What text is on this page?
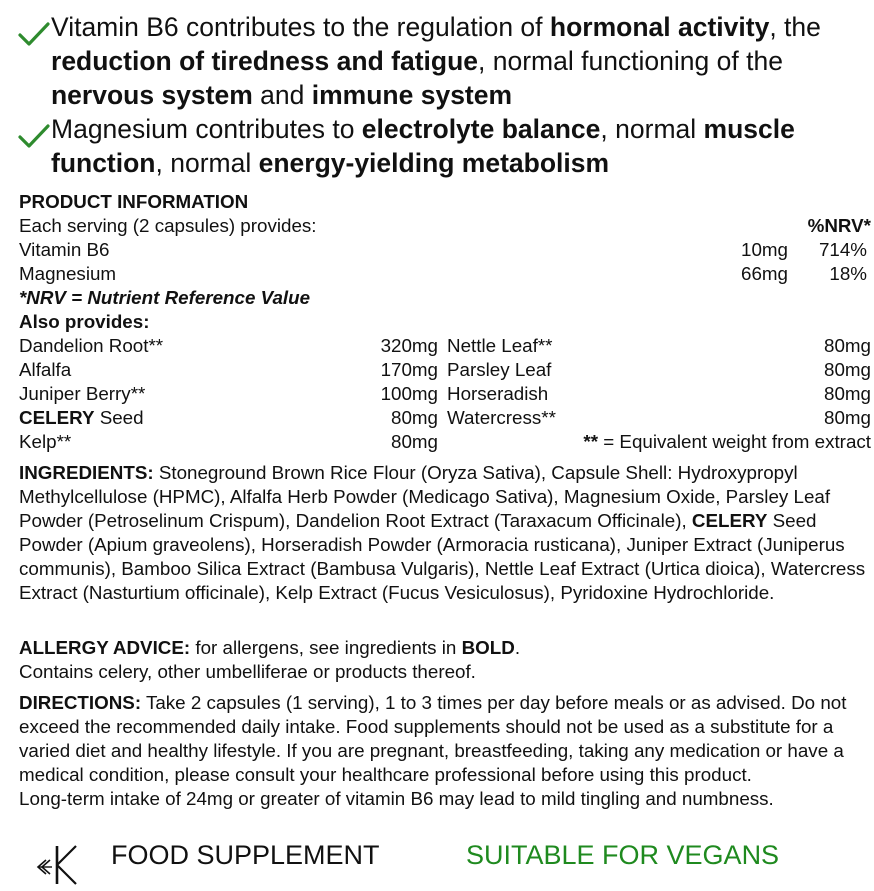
Vitamin B6 contributes to the regulation of hormonal activity, the reduction of tiredness and fatigue, normal functioning of the nervous system and immune system
Magnesium contributes to electrolyte balance, normal muscle function, normal energy-yielding metabolism
PRODUCT INFORMATION
Each serving (2 capsules) provides:	%NRV*
Vitamin B6	10mg 714%
Magnesium	66mg 18%
*NRV = Nutrient Reference Value
Also provides:
Dandelion Root**	320mg Nettle Leaf**	80mg
Alfalfa	170mg Parsley Leaf	80mg
Juniper Berry**	100mg Horseradish	80mg
CELERY Seed	80mg Watercress**	80mg
Kelp**	80mg	** = Equivalent weight from extract
INGREDIENTS: Stoneground Brown Rice Flour (Oryza Sativa), Capsule Shell: Hydroxypropyl Methylcellulose (HPMC), Alfalfa Herb Powder (Medicago Sativa), Magnesium Oxide, Parsley Leaf Powder (Petroselinum Crispum), Dandelion Root Extract (Taraxacum Officinale), CELERY Seed Powder (Apium graveolens), Horseradish Powder (Armoracia rusticana), Juniper Extract (Juniperus communis), Bamboo Silica Extract (Bambusa Vulgaris), Nettle Leaf Extract (Urtica dioica), Watercress Extract (Nasturtium officinale), Kelp Extract (Fucus Vesiculosus), Pyridoxine Hydrochloride.
ALLERGY ADVICE: for allergens, see ingredients in BOLD.
Contains celery, other umbelliferae or products thereof.
DIRECTIONS: Take 2 capsules (1 serving), 1 to 3 times per day before meals or as advised. Do not exceed the recommended daily intake. Food supplements should not be used as a substitute for a varied diet and healthy lifestyle. If you are pregnant, breastfeeding, taking any medication or have a medical condition, please consult your healthcare professional before using this product.
Long-term intake of 24mg or greater of vitamin B6 may lead to mild tingling and numbness.
FOOD SUPPLEMENT	SUITABLE FOR VEGANS
